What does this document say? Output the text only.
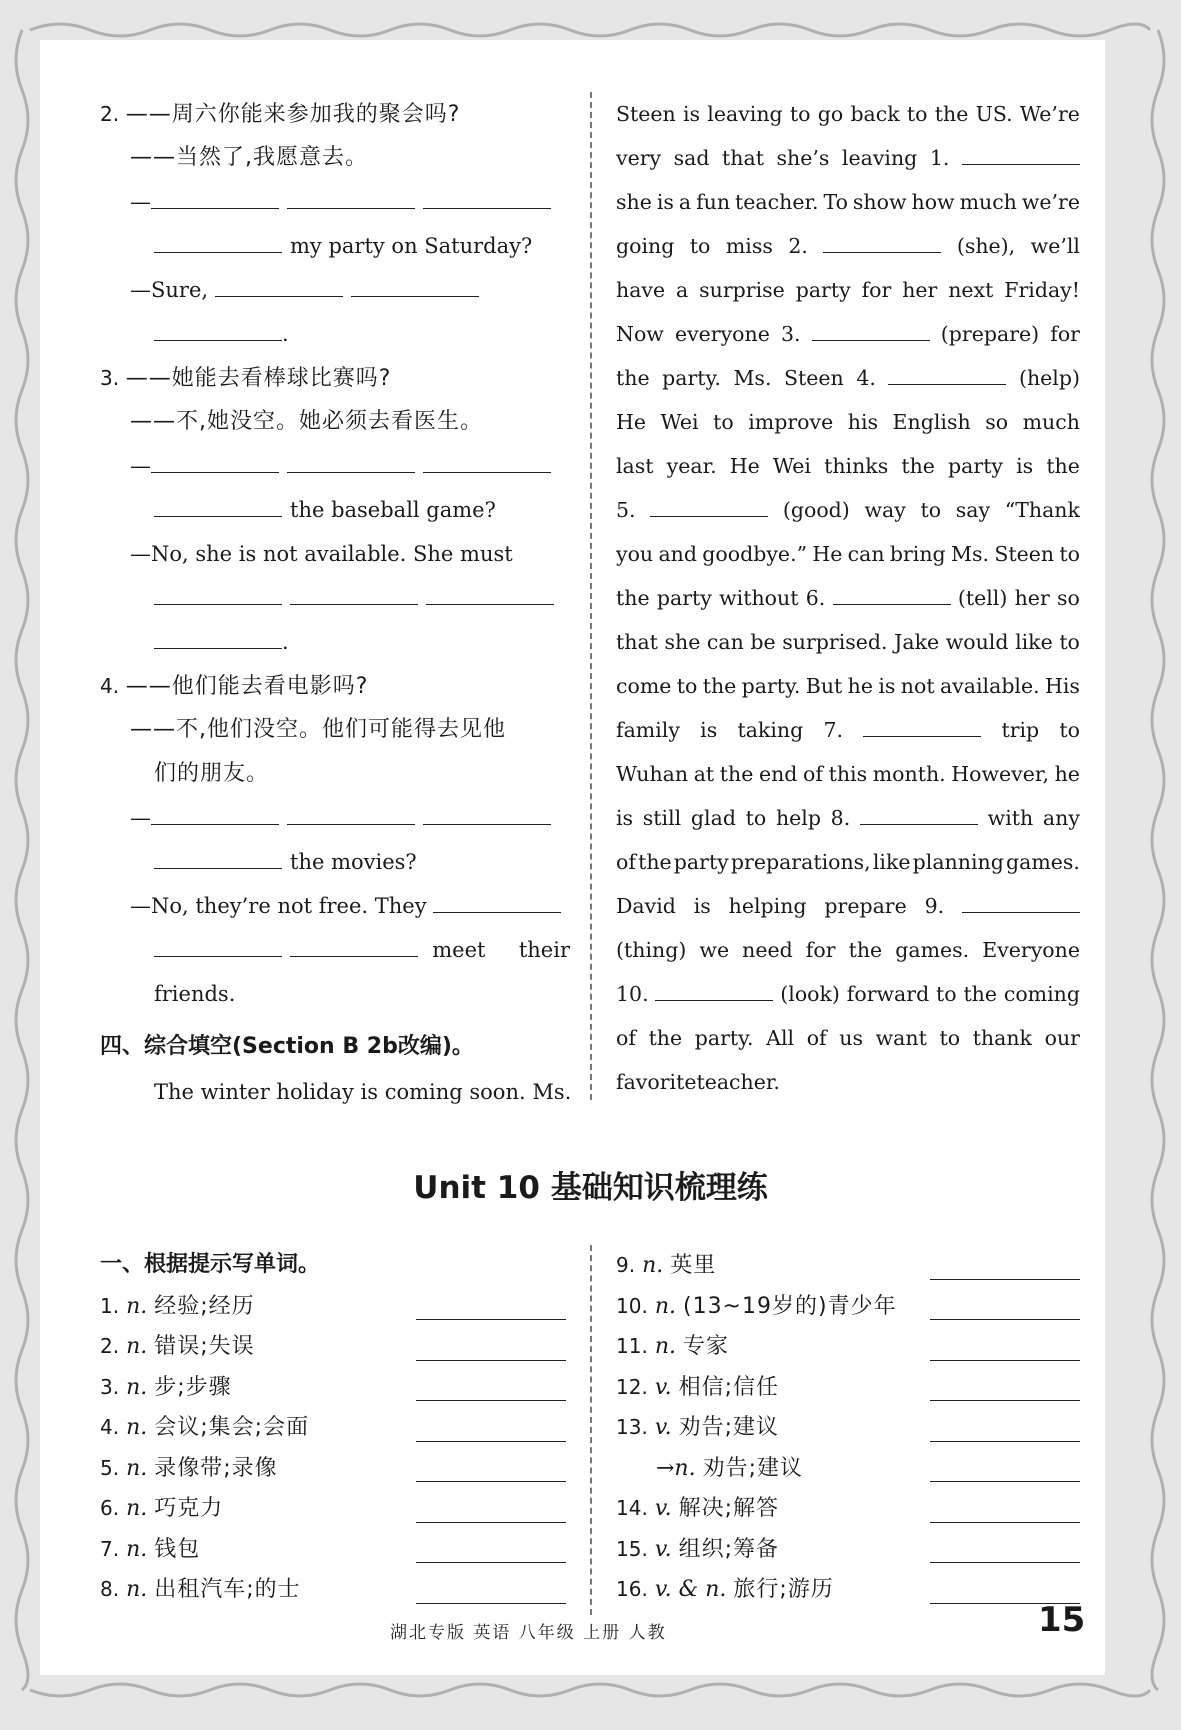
2. ——周六你能来参加我的聚会吗?
——当然了,我愿意去。
—
my party on Saturday?
—Sure,
.
3. ——她能去看棒球比赛吗?
——不,她没空。她必须去看医生。
—
the baseball game?
—No, she is not available. She must
.
4. ——他们能去看电影吗?
——不,他们没空。他们可能得去见他
们的朋友。
—
the movies?
—No, they’re not free. They
meet their
friends.
四、综合填空(Section B 2b改编)。
The winter holiday is coming soon. Ms.
Steen is leaving to go back to the US. We’re
very sad that she’s leaving 1.
she is a fun teacher. To show how much we’re
going to miss 2.	(she), we’ll
have a surprise party for her next Friday!
Now everyone 3.	(prepare) for
the party. Ms. Steen 4.	(help)
He Wei to improve his English so much
last year. He Wei thinks the party is the
5.	(good) way to say “Thank
you and goodbye.” He can bring Ms. Steen to
the party without 6.	(tell) her so
that she can be surprised. Jake would like to
come to the party. But he is not available. His
family is taking 7.	trip to
Wuhan at the end of this month. However, he
is still glad to help 8.	with any
of the party preparations, like planning games.
David is helping prepare 9.
(thing) we need for the games. Everyone
10.	(look) forward to the coming
of the party. All of us want to thank our
favorite teacher.
Unit 10 基础知识梳理练
一、根据提示写单词。
1. n. 经验;经历
2. n. 错误;失误
3. n. 步;步骤
4. n. 会议;集会;会面
5. n. 录像带;录像
6. n. 巧克力
7. n. 钱包
8. n. 出租汽车;的士
9. n. 英里
10. n. (13~19岁的)青少年
11. n. 专家
12. v. 相信;信任
13. v. 劝告;建议
→n. 劝告;建议
14. v. 解决;解答
15. v. 组织;筹备
16. v. & n. 旅行;游历
湖北专版 英语 八年级 上册 人教	15
